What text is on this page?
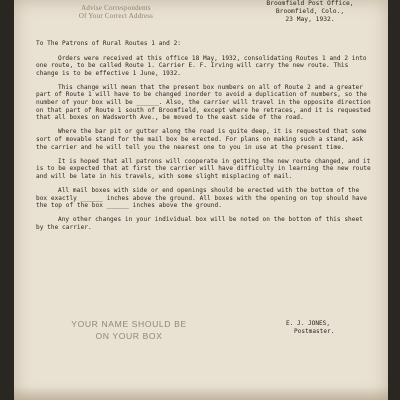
Advise Correspondents
Of Your Correct Address
Broomfield Post Office,
Broomfield, Colo.,
23 May, 1932.

To The Patrons of Rural Routes 1 and 2:

Orders were received at this office 18 May, 1932, consolidating Routes 1 and 2 into one route, to be called Route 1. Carrier E. F. Irving will carry the new route. This change is to be effective 1 June, 1932.

This change will mean that the present box numbers on all of Route 2 and a greater part of Route 1 will have to be changed inorder to avoid a duplication of numbers, so the number of your box will be ______. Also, the carrier will travel in the opposite direction on that part of Route 1 south of Broomfield, except where he retraces, and it is requested that all boxes on Wadsworth Ave., be moved to the east side of the road.

Where the bar pit or gutter along the road is quite deep, it is requested that some sort of movable stand for the mail box be erected. For plans on making such a stand, ask the carrier and he will tell you the nearest one to you in use at the present time.

It is hoped that all patrons will cooperate in getting the new route changed, and it is to be expected that at first the carrier will have difficulty in learning the new route and will be late in his travels, with some slight misplacing of mail.

All mail boxes with side or end openings should be erected with the bottom of the box exactly ______ inches above the ground. All boxes with the opening on top should have the top of the box ______ inches above the ground.

Any other changes in your individual box will be noted on the bottom of this sheet by the carrier.

YOUR NAME SHOULD BE
ON YOUR BOX
E. J. JONES,
Postmaster.
